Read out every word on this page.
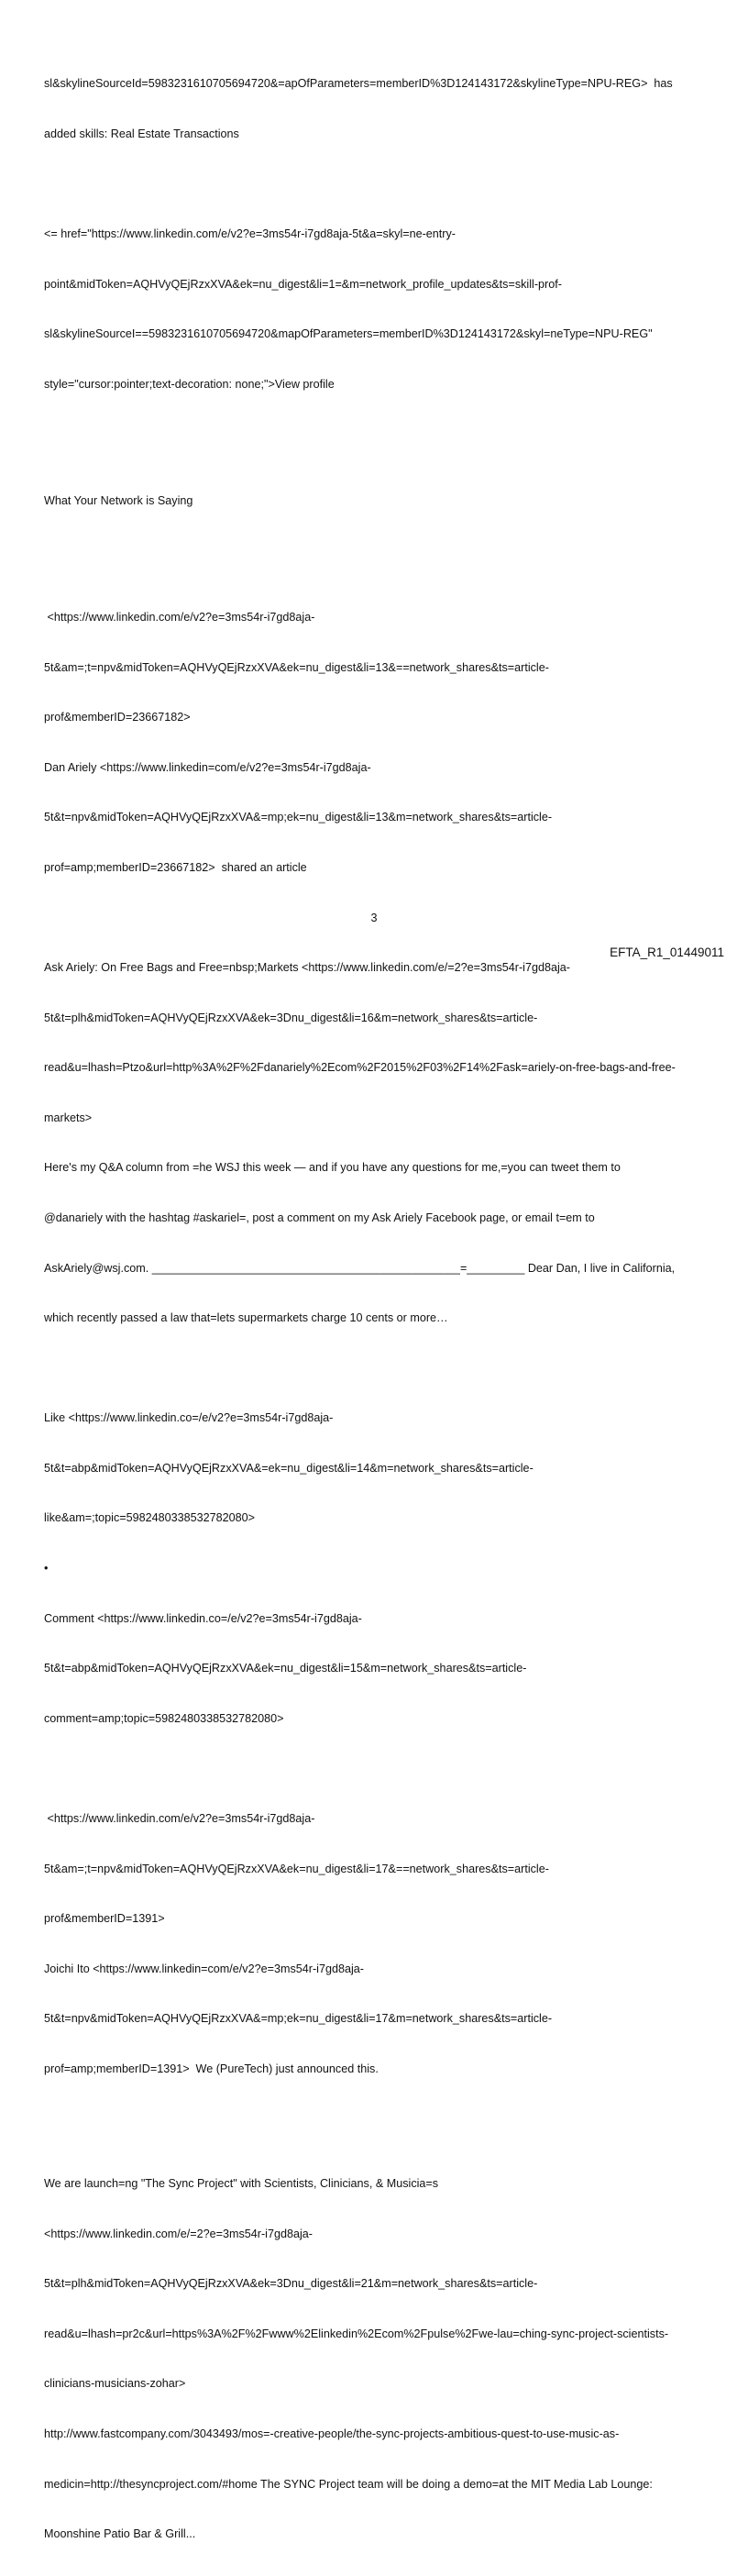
sl&skylineSourceId=5983231610705694720&=apOfParameters=memberID%3D124143172&skylineType=NPU-REG>  has

added skills: Real Estate Transactions

<= href="https://www.linkedin.com/e/v2?e=3ms54r-i7gd8aja-5t&a=skyl=ne-entry-

point&midToken=AQHVyQEjRzxXVA&ek=nu_digest&li=1=&m=network_profile_updates&ts=skill-prof-

sl&skylineSourceI==5983231610705694720&mapOfParameters=memberID%3D124143172&skyl=neType=NPU-REG"

style="cursor:pointer;text-decoration: none;">View profile

What Your Network is Saying

<https://www.linkedin.com/e/v2?e=3ms54r-i7gd8aja-

5t&am=;t=npv&midToken=AQHVyQEjRzxXVA&ek=nu_digest&li=13&==network_shares&ts=article-

prof&memberID=23667182>

Dan Ariely <https://www.linkedin=com/e/v2?e=3ms54r-i7gd8aja-

5t&t=npv&midToken=AQHVyQEjRzxXVA&=mp;ek=nu_digest&li=13&m=network_shares&ts=article-

prof=amp;memberID=23667182>  shared an article

Ask Ariely: On Free Bags and Free=nbsp;Markets <https://www.linkedin.com/e/=2?e=3ms54r-i7gd8aja-

5t&t=plh&midToken=AQHVyQEjRzxXVA&ek=3Dnu_digest&li=16&m=network_shares&ts=article-

read&u=lhash=Ptzo&url=http%3A%2F%2Fdanariely%2Ecom%2F2015%2F03%2F14%2Fask=ariely-on-free-bags-and-free-

markets>

Here's my Q&A column from =he WSJ this week — and if you have any questions for me,=you can tweet them to

@danariely with the hashtag #askariel=, post a comment on my Ask Ariely Facebook page, or email t=em to

AskAriely@wsj.com. ________________________________________________=_________ Dear Dan, I live in California,

which recently passed a law that=lets supermarkets charge 10 cents or more…

Like <https://www.linkedin.co=/e/v2?e=3ms54r-i7gd8aja-

5t&t=abp&midToken=AQHVyQEjRzxXVA&=ek=nu_digest&li=14&m=network_shares&ts=article-

like&am=;topic=5982480338532782080>

•

Comment <https://www.linkedin.co=/e/v2?e=3ms54r-i7gd8aja-

5t&t=abp&midToken=AQHVyQEjRzxXVA&ek=nu_digest&li=15&m=network_shares&ts=article-

comment=amp;topic=5982480338532782080>

<https://www.linkedin.com/e/v2?e=3ms54r-i7gd8aja-

5t&am=;t=npv&midToken=AQHVyQEjRzxXVA&ek=nu_digest&li=17&==network_shares&ts=article-

prof&memberID=1391>

Joichi Ito <https://www.linkedin=com/e/v2?e=3ms54r-i7gd8aja-

5t&t=npv&midToken=AQHVyQEjRzxXVA&=mp;ek=nu_digest&li=17&m=network_shares&ts=article-

prof=amp;memberID=1391>  We (PureTech) just announced this.

We are launch=ng "The Sync Project" with Scientists, Clinicians, & Musicia=s

<https://www.linkedin.com/e/=2?e=3ms54r-i7gd8aja-

5t&t=plh&midToken=AQHVyQEjRzxXVA&ek=3Dnu_digest&li=21&m=network_shares&ts=article-

read&u=lhash=pr2c&url=https%3A%2F%2Fwww%2Elinkedin%2Ecom%2Fpulse%2Fwe-lau=ching-sync-project-scientists-

clinicians-musicians-zohar>

http://www.fastcompany.com/3043493/mos=-creative-people/the-sync-projects-ambitious-quest-to-use-music-as-

medicin=http://thesyncproject.com/#home The SYNC Project team will be doing a demo=at the MIT Media Lab Lounge:

Moonshine Patio Bar & Grill...

3
EFTA_R1_01449011
